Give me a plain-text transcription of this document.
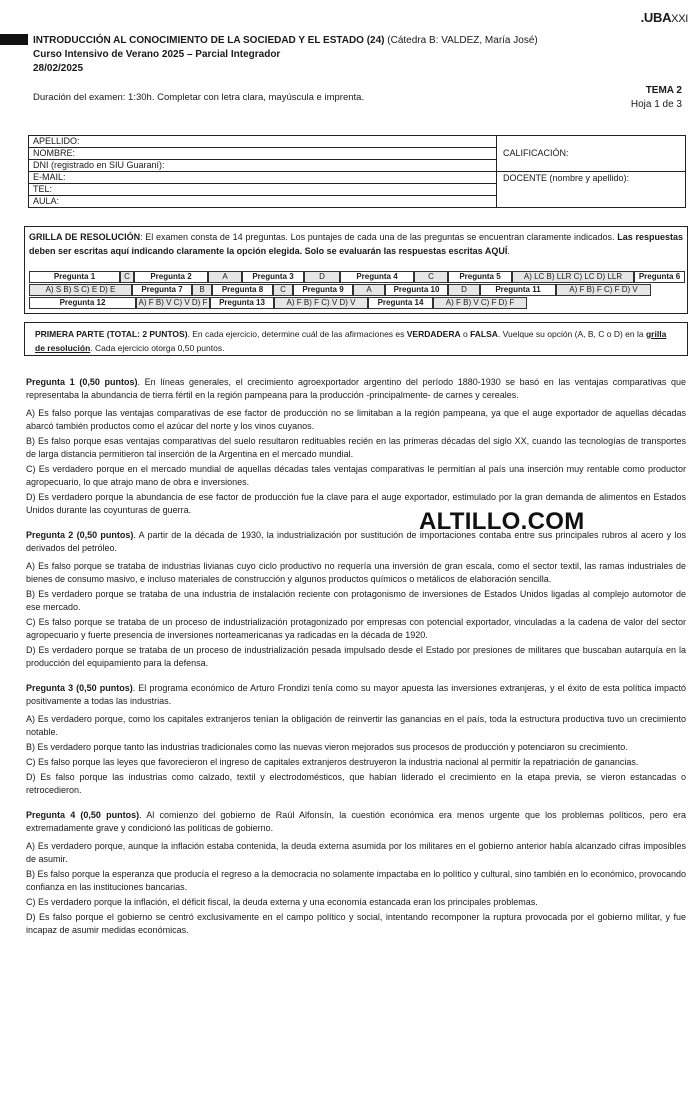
.UBAXXI
INTRODUCCIÓN AL CONOCIMIENTO DE LA SOCIEDAD Y EL ESTADO (24) (Cátedra B: VALDEZ, María José)
Curso Intensivo de Verano 2025 – Parcial Integrador
28/02/2025
Duración del examen: 1:30h. Completar con letra clara, mayúscula e imprenta.
TEMA 2
Hoja 1 de 3
APELLIDO:	CALIFICACIÓN:
NOMBRE:	
DNI (registrado en SIU Guaraní):	
E-MAIL:	DOCENTE (nombre y apellido):
TEL:	
AULA:	
GRILLA DE RESOLUCIÓN: El examen consta de 14 preguntas. Los puntajes de cada una de las preguntas se encuentran claramente indicados. Las respuestas deben ser escritas aquí indicando claramente la opción elegida. Solo se evaluarán las respuestas escritas AQUÍ.
Pregunta 1	C	Pregunta 2	A	Pregunta 3	D	Pregunta 4	C	Pregunta 5	A) LC B) LLR C) LC D) LLR	Pregunta 6
A) S B) S C) E D) E	Pregunta 7	B	Pregunta 8	C	Pregunta 9	A	Pregunta 10	D	Pregunta 11	A) F B) F C) F D) V
Pregunta 12	A) F B) V C) V D) F	Pregunta 13	A) F B) F C) V D) V	Pregunta 14	A) F B) V C) F D) F
PRIMERA PARTE (TOTAL: 2 PUNTOS). En cada ejercicio, determine cuál de las afirmaciones es VERDADERA o FALSA. Vuelque su opción (A, B, C o D) en la grilla de resolución. Cada ejercicio otorga 0,50 puntos.

Pregunta 1 (0,50 puntos). En líneas generales, el crecimiento agroexportador argentino del período 1880-1930 se basó en las ventajas comparativas que representaba la abundancia de tierra fértil en la región pampeana para la producción -principalmente- de carnes y cereales.

A) Es falso porque las ventajas comparativas de ese factor de producción no se limitaban a la región pampeana, ya que el auge exportador de aquellas décadas abarcó también productos como el azúcar del norte y los vinos cuyanos.

B) Es falso porque esas ventajas comparativas del suelo resultaron redituables recién en las primeras décadas del siglo XX, cuando las tecnologías de transportes de larga distancia permitieron tal inserción de la Argentina en el mercado mundial.

C) Es verdadero porque en el mercado mundial de aquellas décadas tales ventajas comparativas le permitían al país una inserción muy rentable como productor agropecuario, lo que atrajo mano de obra e inversiones.

D) Es verdadero porque la abundancia de ese factor de producción fue la clave para el auge exportador, estimulado por la gran demanda de alimentos en Estados Unidos durante las coyunturas de guerra.

Pregunta 2 (0,50 puntos). A partir de la década de 1930, la industrialización por sustitución de importaciones contaba entre sus principales rubros al acero y los derivados del petróleo.

A) Es falso porque se trataba de industrias livianas cuyo ciclo productivo no requería una inversión de gran escala, como el sector textil, las ramas industriales de bienes de consumo masivo, e incluso materiales de construcción y algunos productos químicos o metálicos de elaboración sencilla.

B) Es verdadero porque se trataba de una industria de instalación reciente con protagonismo de inversiones de Estados Unidos ligadas al complejo automotor de ese mercado.

C) Es falso porque se trataba de un proceso de industrialización protagonizado por empresas con potencial exportador, vinculadas a la cadena de valor del sector agropecuario y fuerte presencia de inversiones norteamericanas ya radicadas en la década de 1920.

D) Es verdadero porque se trataba de un proceso de industrialización pesada impulsado desde el Estado por presiones de militares que buscaban autarquía en la producción del equipamiento para la defensa.

Pregunta 3 (0,50 puntos). El programa económico de Arturo Frondizi tenía como su mayor apuesta las inversiones extranjeras, y el éxito de esta política impactó positivamente a todas las industrias.

A) Es verdadero porque, como los capitales extranjeros tenían la obligación de reinvertir las ganancias en el país, toda la estructura productiva tuvo un crecimiento notable.

B) Es verdadero porque tanto las industrias tradicionales como las nuevas vieron mejorados sus procesos de producción y potenciaron su crecimiento.

C) Es falso porque las leyes que favorecieron el ingreso de capitales extranjeros destruyeron la industria nacional al permitir la repatriación de ganancias.

D) Es falso porque las industrias como calzado, textil y electrodomésticos, que habían liderado el crecimiento en la etapa previa, se vieron estancadas o retrocedieron.

Pregunta 4 (0,50 puntos). Al comienzo del gobierno de Raúl Alfonsín, la cuestión económica era menos urgente que los problemas políticos, pero era extremadamente grave y condicionó las políticas de gobierno.

A) Es verdadero porque, aunque la inflación estaba contenida, la deuda externa asumida por los militares en el gobierno anterior había alcanzado cifras imposibles de asumir.

B) Es falso porque la esperanza que producía el regreso a la democracia no solamente impactaba en lo político y cultural, sino también en lo económico, provocando confianza en las instituciones bancarias.

C) Es verdadero porque la inflación, el déficit fiscal, la deuda externa y una economía estancada eran los principales problemas.

D) Es falso porque el gobierno se centró exclusivamente en el campo político y social, intentando recomponer la ruptura provocada por el gobierno militar, y fue incapaz de asumir medidas económicas.

ALTILLO.COM
